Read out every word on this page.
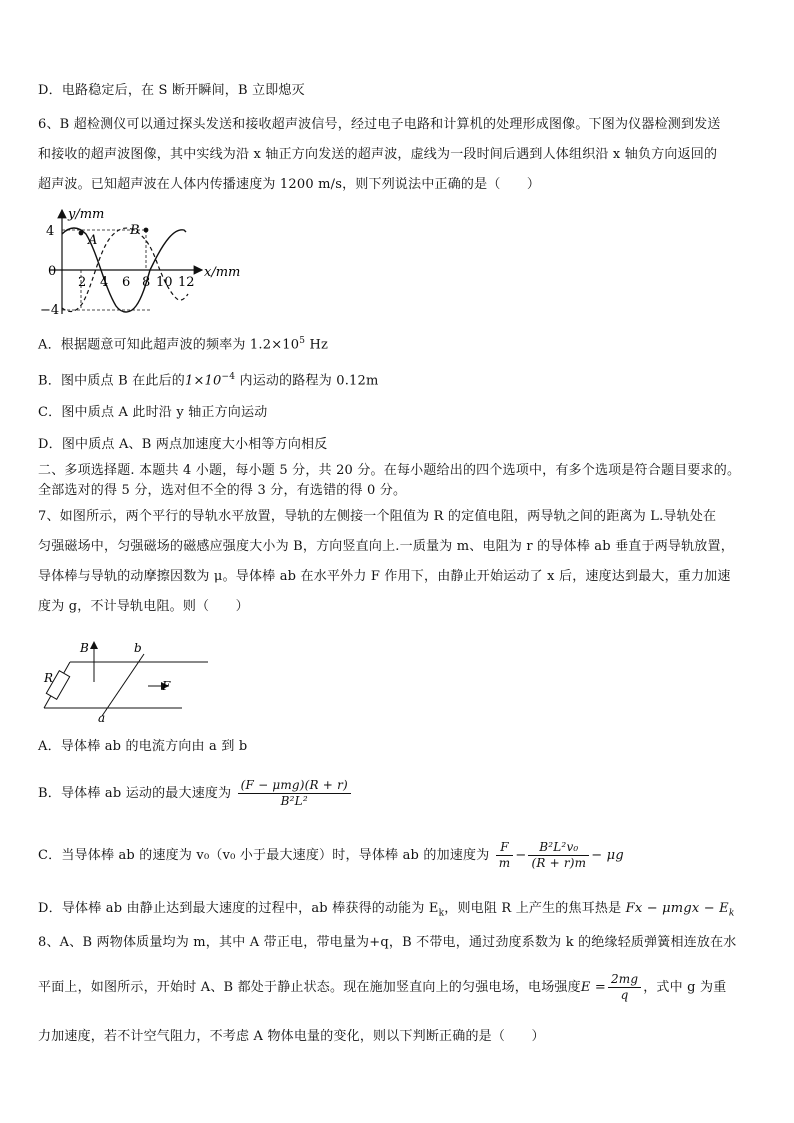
D．电路稳定后，在 S 断开瞬间，B 立即熄灭
6、B 超检测仪可以通过探头发送和接收超声波信号，经过电子电路和计算机的处理形成图像。下图为仪器检测到发送
和接收的超声波图像，其中实线为沿 x 轴正方向发送的超声波，虚线为一段时间后遇到人体组织沿 x 轴负方向返回的
超声波。已知超声波在人体内传播速度为 1200 m/s，则下列说法中正确的是（　　）
y/mm
x/mm
4
0
−4
2 4 6 8 10 12
A
B
A．根据题意可知此超声波的频率为 $1.2\times 10^5$ Hz
B．图中质点 B 在此后的$1\times 10^{-4}$ 内运动的路程为 0.12m
C．图中质点 A 此时沿 y 轴正方向运动
D．图中质点 A、B 两点加速度大小相等方向相反
二、多项选择题. 本题共 4 小题，每小题 5 分，共 20 分。在每小题给出的四个选项中，有多个选项是符合题目要求的。
全部选对的得 5 分，选对但不全的得 3 分，有选错的得 0 分。
7、如图所示，两个平行的导轨水平放置，导轨的左侧接一个阻值为 R 的定值电阻，两导轨之间的距离为 L.导轨处在
匀强磁场中，匀强磁场的磁感应强度大小为 B，方向竖直向上.一质量为 m、电阻为 r 的导体棒 ab 垂直于两导轨放置，
导体棒与导轨的动摩擦因数为 μ。导体棒 ab 在水平外力 F 作用下，由静止开始运动了 x 后，速度达到最大，重力加速
度为 g，不计导轨电阻。则（　　）
B	b
R
F
a
A．导体棒 ab 的电流方向由 a 到 b
B．导体棒 ab 运动的最大速度为 $\frac{\text{(F − μmg)(R + r)}}{\text{B²L²}}$
C．当导体棒 ab 的速度为 v₀（v₀ 小于最大速度）时，导体棒 ab 的加速度为 $\frac{F}{m} - \frac{\text{B²L²v₀}}{(R + r)m} - \mu g$
D．导体棒 ab 由静止达到最大速度的过程中，ab 棒获得的动能为 $E_k$，则电阻 R 上产生的焦耳热是 $Fx - \mu mgx - E_k$
8、A、B 两物体质量均为 m，其中 A 带正电，带电量为+q，B 不带电，通过劲度系数为 k 的绝缘轻质弹簧相连放在水
平面上，如图所示，开始时 A、B 都处于静止状态。现在施加竖直向上的匀强电场，电场强度$E = \frac{2mg}{q}$ ，式中 g 为重
力加速度，若不计空气阻力，不考虑 A 物体电量的变化，则以下判断正确的是（　　）
